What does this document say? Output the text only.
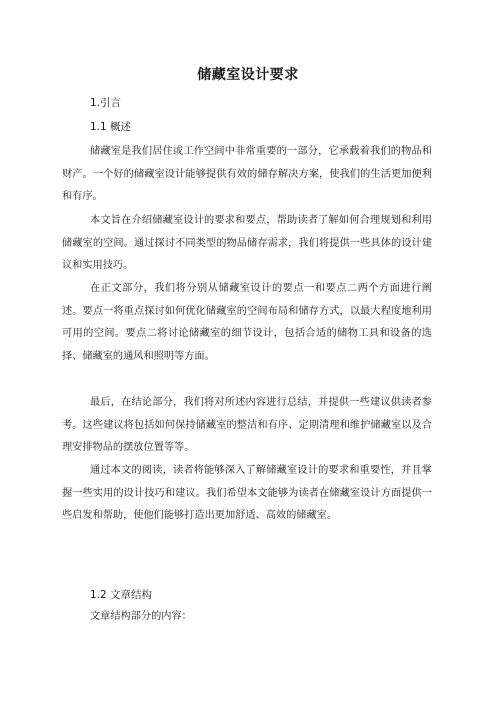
储藏室设计要求
1.引言
1.1 概述

储藏室是我们居住或工作空间中非常重要的一部分，它承载着我们的物品和财产。一个好的储藏室设计能够提供有效的储存解决方案，使我们的生活更加便利和有序。

本文旨在介绍储藏室设计的要求和要点，帮助读者了解如何合理规划和利用储藏室的空间。通过探讨不同类型的物品储存需求，我们将提供一些具体的设计建议和实用技巧。

在正文部分，我们将分别从储藏室设计的要点一和要点二两个方面进行阐述。要点一将重点探讨如何优化储藏室的空间布局和储存方式，以最大程度地利用可用的空间。要点二将讨论储藏室的细节设计，包括合适的储物工具和设备的选择、储藏室的通风和照明等方面。

最后，在结论部分，我们将对所述内容进行总结，并提供一些建议供读者参考。这些建议将包括如何保持储藏室的整洁和有序、定期清理和维护储藏室以及合理安排物品的摆放位置等等。

通过本文的阅读，读者将能够深入了解储藏室设计的要求和重要性，并且掌握一些实用的设计技巧和建议。我们希望本文能够为读者在储藏室设计方面提供一些启发和帮助，使他们能够打造出更加舒适、高效的储藏室。

1.2 文章结构

文章结构部分的内容：
